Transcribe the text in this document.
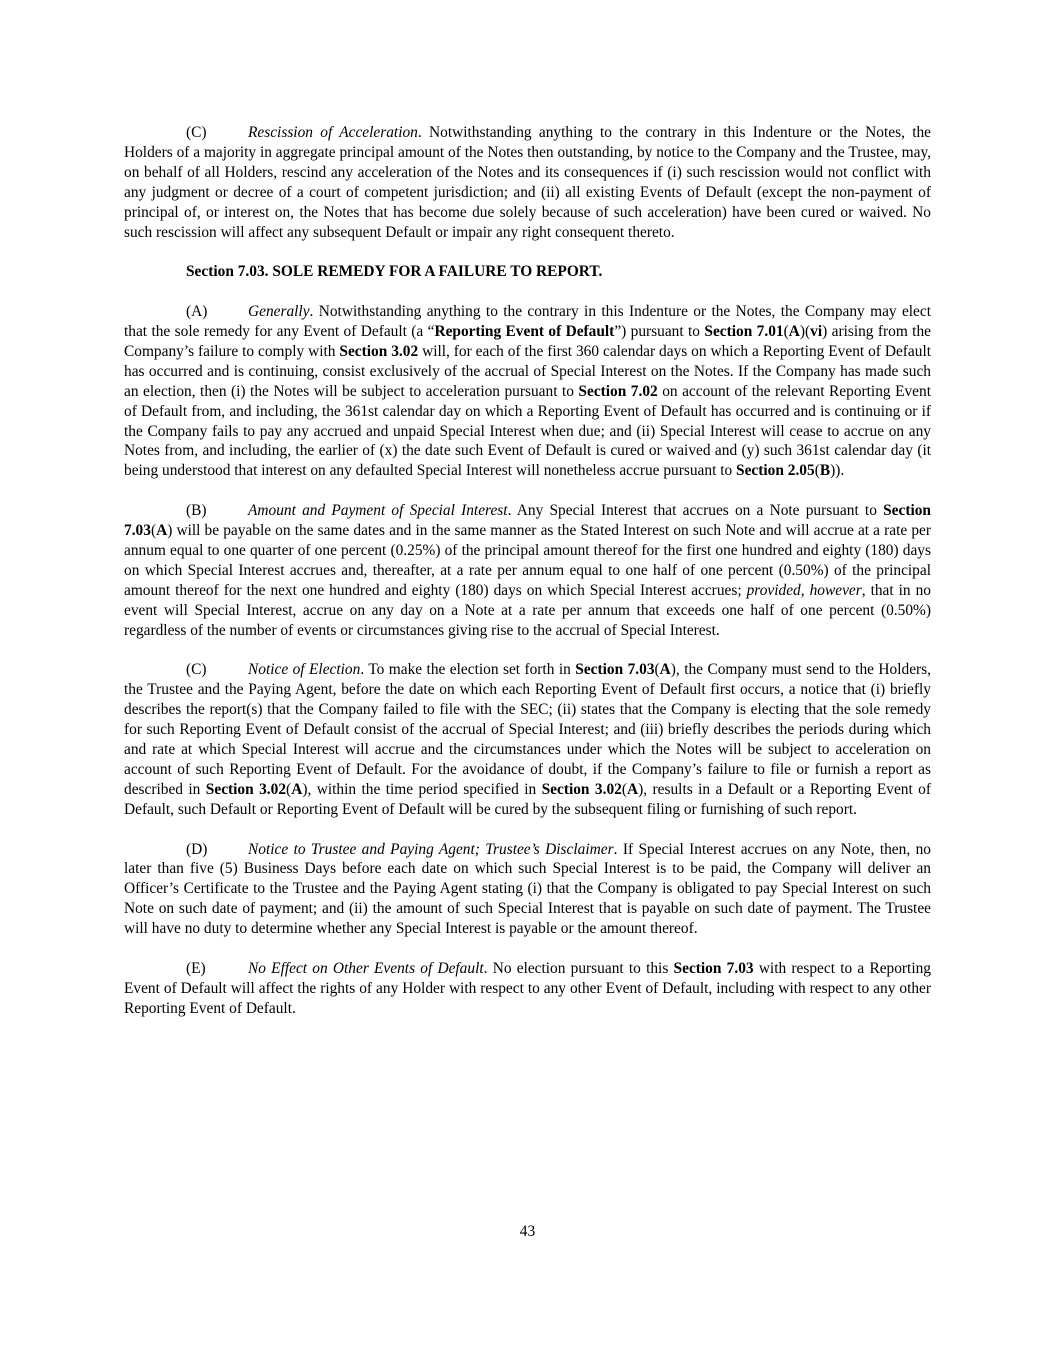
(C)	Rescission of Acceleration. Notwithstanding anything to the contrary in this Indenture or the Notes, the Holders of a majority in aggregate principal amount of the Notes then outstanding, by notice to the Company and the Trustee, may, on behalf of all Holders, rescind any acceleration of the Notes and its consequences if (i) such rescission would not conflict with any judgment or decree of a court of competent jurisdiction; and (ii) all existing Events of Default (except the non-payment of principal of, or interest on, the Notes that has become due solely because of such acceleration) have been cured or waived. No such rescission will affect any subsequent Default or impair any right consequent thereto.

Section 7.03. SOLE REMEDY FOR A FAILURE TO REPORT.

(A)	Generally. Notwithstanding anything to the contrary in this Indenture or the Notes, the Company may elect that the sole remedy for any Event of Default (a “Reporting Event of Default”) pursuant to Section 7.01(A)(vi) arising from the Company’s failure to comply with Section 3.02 will, for each of the first 360 calendar days on which a Reporting Event of Default has occurred and is continuing, consist exclusively of the accrual of Special Interest on the Notes. If the Company has made such an election, then (i) the Notes will be subject to acceleration pursuant to Section 7.02 on account of the relevant Reporting Event of Default from, and including, the 361st calendar day on which a Reporting Event of Default has occurred and is continuing or if the Company fails to pay any accrued and unpaid Special Interest when due; and (ii) Special Interest will cease to accrue on any Notes from, and including, the earlier of (x) the date such Event of Default is cured or waived and (y) such 361st calendar day (it being understood that interest on any defaulted Special Interest will nonetheless accrue pursuant to Section 2.05(B)).

(B)	Amount and Payment of Special Interest. Any Special Interest that accrues on a Note pursuant to Section 7.03(A) will be payable on the same dates and in the same manner as the Stated Interest on such Note and will accrue at a rate per annum equal to one quarter of one percent (0.25%) of the principal amount thereof for the first one hundred and eighty (180) days on which Special Interest accrues and, thereafter, at a rate per annum equal to one half of one percent (0.50%) of the principal amount thereof for the next one hundred and eighty (180) days on which Special Interest accrues; provided, however, that in no event will Special Interest, accrue on any day on a Note at a rate per annum that exceeds one half of one percent (0.50%) regardless of the number of events or circumstances giving rise to the accrual of Special Interest.

(C)	Notice of Election. To make the election set forth in Section 7.03(A), the Company must send to the Holders, the Trustee and the Paying Agent, before the date on which each Reporting Event of Default first occurs, a notice that (i) briefly describes the report(s) that the Company failed to file with the SEC; (ii) states that the Company is electing that the sole remedy for such Reporting Event of Default consist of the accrual of Special Interest; and (iii) briefly describes the periods during which and rate at which Special Interest will accrue and the circumstances under which the Notes will be subject to acceleration on account of such Reporting Event of Default. For the avoidance of doubt, if the Company’s failure to file or furnish a report as described in Section 3.02(A), within the time period specified in Section 3.02(A), results in a Default or a Reporting Event of Default, such Default or Reporting Event of Default will be cured by the subsequent filing or furnishing of such report.

(D)	Notice to Trustee and Paying Agent; Trustee’s Disclaimer. If Special Interest accrues on any Note, then, no later than five (5) Business Days before each date on which such Special Interest is to be paid, the Company will deliver an Officer’s Certificate to the Trustee and the Paying Agent stating (i) that the Company is obligated to pay Special Interest on such Note on such date of payment; and (ii) the amount of such Special Interest that is payable on such date of payment. The Trustee will have no duty to determine whether any Special Interest is payable or the amount thereof.

(E)	No Effect on Other Events of Default. No election pursuant to this Section 7.03 with respect to a Reporting Event of Default will affect the rights of any Holder with respect to any other Event of Default, including with respect to any other Reporting Event of Default.

43
